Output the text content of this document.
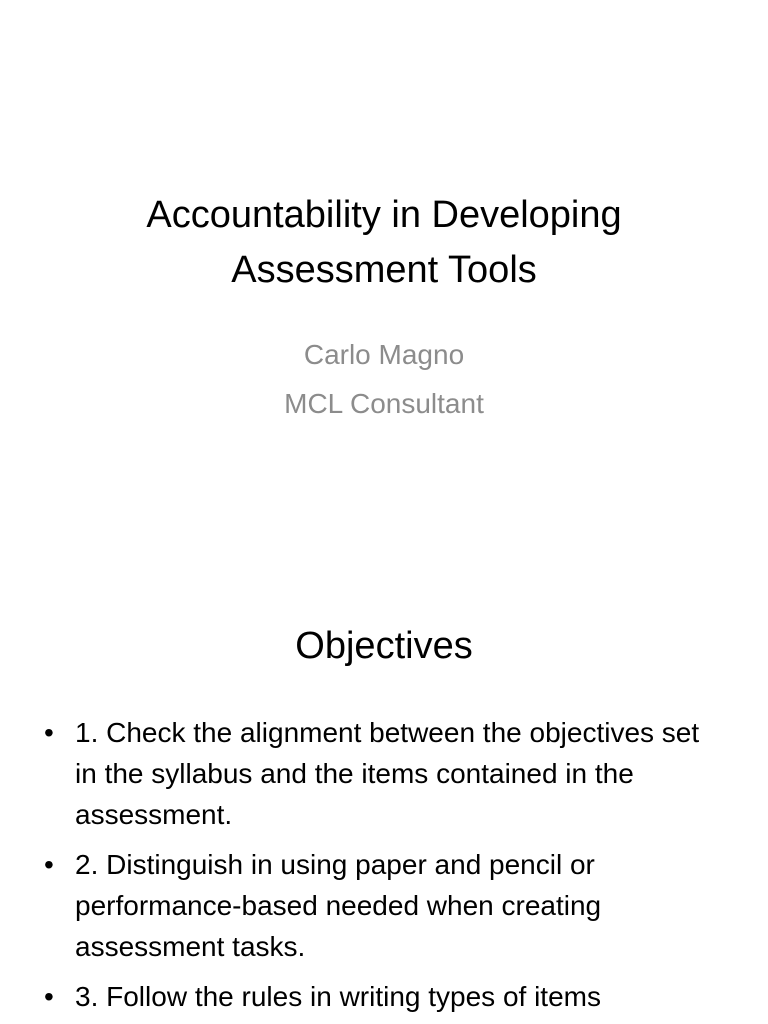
Accountability in Developing
Assessment Tools
Carlo Magno
MCL Consultant
Objectives
• 1. Check the alignment between the objectives set in the syllabus and the items contained in the assessment.
• 2. Distinguish in using paper and pencil or performance-based needed when creating assessment tasks.
• 3. Follow the rules in writing types of items
